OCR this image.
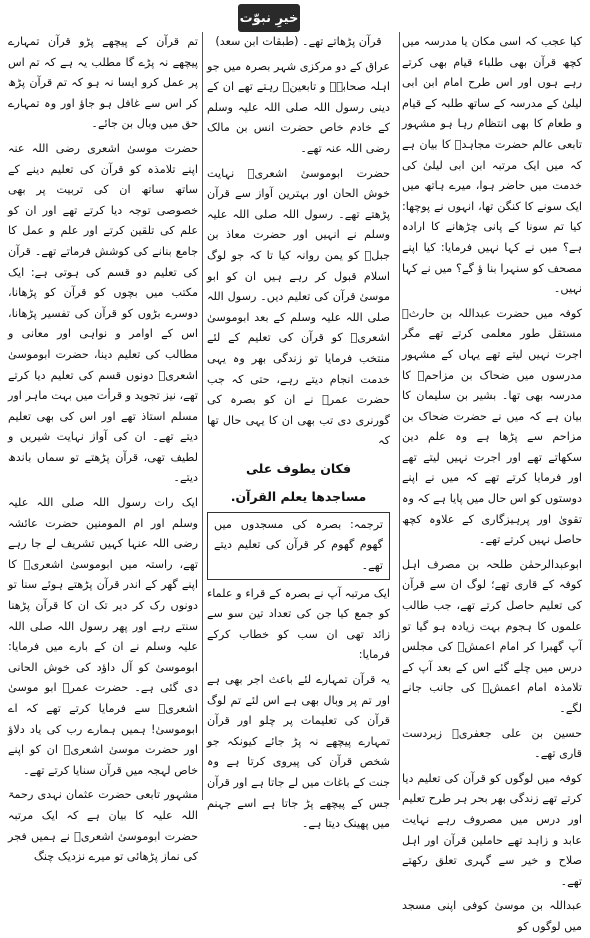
خیرِ نبوّت

کیا عجب کہ اسی مکان یا مدرسہ میں کچھ قرآن بھی طلباء قیام بھی کرتے رہے ہوں اور اس طرح امام ابن ابی لیلیٰ کے مدرسہ کے ساتھ طلبہ کے قیام و طعام کا بھی انتظام رہا ہو مشہور تابعی عالم حضرت مجاہدؒ کا بیان ہے کہ میں ایک مرتبہ ابن ابی لیلیٰ کی خدمت میں حاضر ہوا، میرے ہاتھ میں ایک سونے کا کنگن تھا، انہوں نے پوچھا: کیا تم سونا کے پانی چڑھانے کا ارادہ ہے؟ میں نے کہا نہیں فرمایا: کیا اپنے مصحف کو سنہرا بنا ؤ گے؟ میں نے کہا نہیں۔

کوفہ میں حضرت عبداللہ بن حارثؓ مستقل طور معلمی کرتے تھے مگر اجرت نہیں لیتے تھے یہاں کے مشہور مدرسوں میں ضحاک بن مزاحمؒ کا مدرسہ بھی تھا۔ بشیر بن سلیمان کا بیان ہے کہ میں نے حضرت ضحاک بن مزاحم سے پڑھا ہے وہ علم دین سکھاتے تھے اور اجرت نہیں لیتے تھے اور فرمایا کرتے تھے کہ میں نے اپنے دوستوں کو اس حال میں پایا ہے کہ وہ تقویٰ اور پرہیزگاری کے علاوہ کچھ حاصل نہیں کرتے تھے۔

ابوعبدالرحمٰن طلحہ بن مصرف اہل کوفہ کے قاری تھے؛ لوگ ان سے قرآن کی تعلیم حاصل کرتے تھے، جب طالب علموں کا ہجوم بہت زیادہ ہو گیا تو آپ گھبرا کر امام اعمشؒ کی مجلس درس میں چلے گئے اس کے بعد آپ کے تلامذہ امام اعمشؒ کی جانب جانے لگے۔

حسین بن علی جعفریؒ زبردست قاری تھے۔

کوفہ میں لوگوں کو قرآن کی تعلیم دیا کرتے تھے زندگی بھر بحر ہر طرح تعلیم اور درس میں مصروف رہے نہایت عابد و زاہد تھے حاملین قرآن اور اہل صلاح و خیر سے گہری تعلق رکھتے تھے۔

عبداللہ بن موسیٰ کوفی اپنی مسجد میں لوگوں کو

قرآن پڑھاتے تھے۔ (طبقات ابن سعد)

عراق کے دو مرکزی شہر بصرہ میں جو اہلہ صحابہؓ و تابعینؒ رہتے تھے ان کے دینی رسول اللہ صلی اللہ علیہ وسلم کے خادم خاص حضرت انس بن مالک رضی اللہ عنہ تھے۔

حضرت ابوموسیٰ اشعریؓ نہایت خوش الحان اور بہترین آواز سے قرآن پڑھتے تھے۔ رسول اللہ صلی اللہ علیہ وسلم نے انہیں اور حضرت معاذ بن جبلؓ کو یمن روانہ کیا تا کہ جو لوگ اسلام قبول کر رہے ہیں ان کو ابو موسیٰ قرآن کی تعلیم دیں۔ رسول اللہ صلی اللہ علیہ وسلم کے بعد ابوموسیٰ اشعریؓ کو قرآن کی تعلیم کے لئے منتخب فرمایا تو زندگی بھر وہ یہی خدمت انجام دیتے رہے، حتی کہ جب حضرت عمرؓ نے ان کو بصرہ کی گورنری دی تب بھی ان کا یہی حال تھا کہ

فكان يطوف على

مساجدها يعلم القرآن.

ترجمہ: بصرہ کی مسجدوں میں گھوم گھوم کر قرآن کی تعلیم دیتے تھے۔

ایک مرتبہ آپ نے بصرہ کے قراء و علماء کو جمع کیا جن کی تعداد تین سو سے زائد تھی ان سب کو خطاب کرکے فرمایا:

یہ قرآن تمہارے لئے باعث اجر بھی ہے اور تم پر وبال بھی ہے اس لئے تم لوگ قرآن کی تعلیمات پر چلو اور قرآن تمہارے پیچھے نہ پڑ جائے کیونکہ جو شخص قرآن کی پیروی کرتا ہے وہ جنت کے باغات میں لے جاتا ہے اور قرآن جس کے پیچھے پڑ جاتا ہے اسے جہنم میں پھینک دیتا ہے۔

تم قرآن کے پیچھے پڑو قرآن تمہارے پیچھے نہ پڑے گا مطلب یہ ہے کہ تم اس پر عمل کرو ایسا نہ ہو کہ تم قرآن پڑھ کر اس سے غافل ہو جاؤ اور وہ تمہارے حق میں وبال بن جائے۔

حضرت موسیٰ اشعری رضی اللہ عنہ اپنے تلامذہ کو قرآن کی تعلیم دینے کے ساتھ ساتھ ان کی تربیت پر بھی خصوصی توجہ دیا کرتے تھے اور ان کو علم کی تلقین کرتے اور علم و عمل کا جامع بنانے کی کوشش فرماتے تھے۔ قرآن کی تعلیم دو قسم کی ہوتی ہے: ایک مکتب میں بچوں کو قرآن کو پڑھانا، دوسرے بڑوں کو قرآن کی تفسیر پڑھانا، اس کے اوامر و نواہی اور معانی و مطالب کی تعلیم دینا، حضرت ابوموسیٰ اشعریؓ دونوں قسم کی تعلیم دیا کرتے تھے، نیز تجوید و قرأت میں بہت ماہر اور مسلم استاذ تھے اور اس کی بھی تعلیم دیتے تھے۔ ان کی آواز نہایت شیریں و لطیف تھی، قرآن پڑھتے تو سماں باندھ دیتے۔

ایک رات رسول اللہ صلی اللہ علیہ وسلم اور ام المومنین حضرت عائشہ رضی اللہ عنہا کہیں تشریف لے جا رہے تھے، راستہ میں ابوموسیٰ اشعریؓ کا اپنے گھر کے اندر قرآن پڑھتے ہوئے سنا تو دونوں رک کر دیر تک ان کا قرآن پڑھنا سنتے رہے اور پھر رسول اللہ صلی اللہ علیہ وسلم نے ان کے بارے میں فرمایا: ابوموسیٰ کو آل داؤد کی خوش الحانی دی گئی ہے۔ حضرت عمرؓ ابو موسیٰ اشعریؓ سے فرمایا کرتے تھے کہ اے ابوموسیٰ! ہمیں ہمارے رب کی یاد دلاؤ اور حضرت موسیٰ اشعریؓ ان کو اپنے خاص لہجہ میں قرآن سنایا کرتے تھے۔

مشہور تابعی حضرت عثمان نہدی رحمۃ اللہ علیہ کا بیان ہے کہ ایک مرتبہ حضرت ابوموسیٰ اشعریؓ نے ہمیں فجر کی نماز پڑھائی تو میرے نزدیک چنگ
